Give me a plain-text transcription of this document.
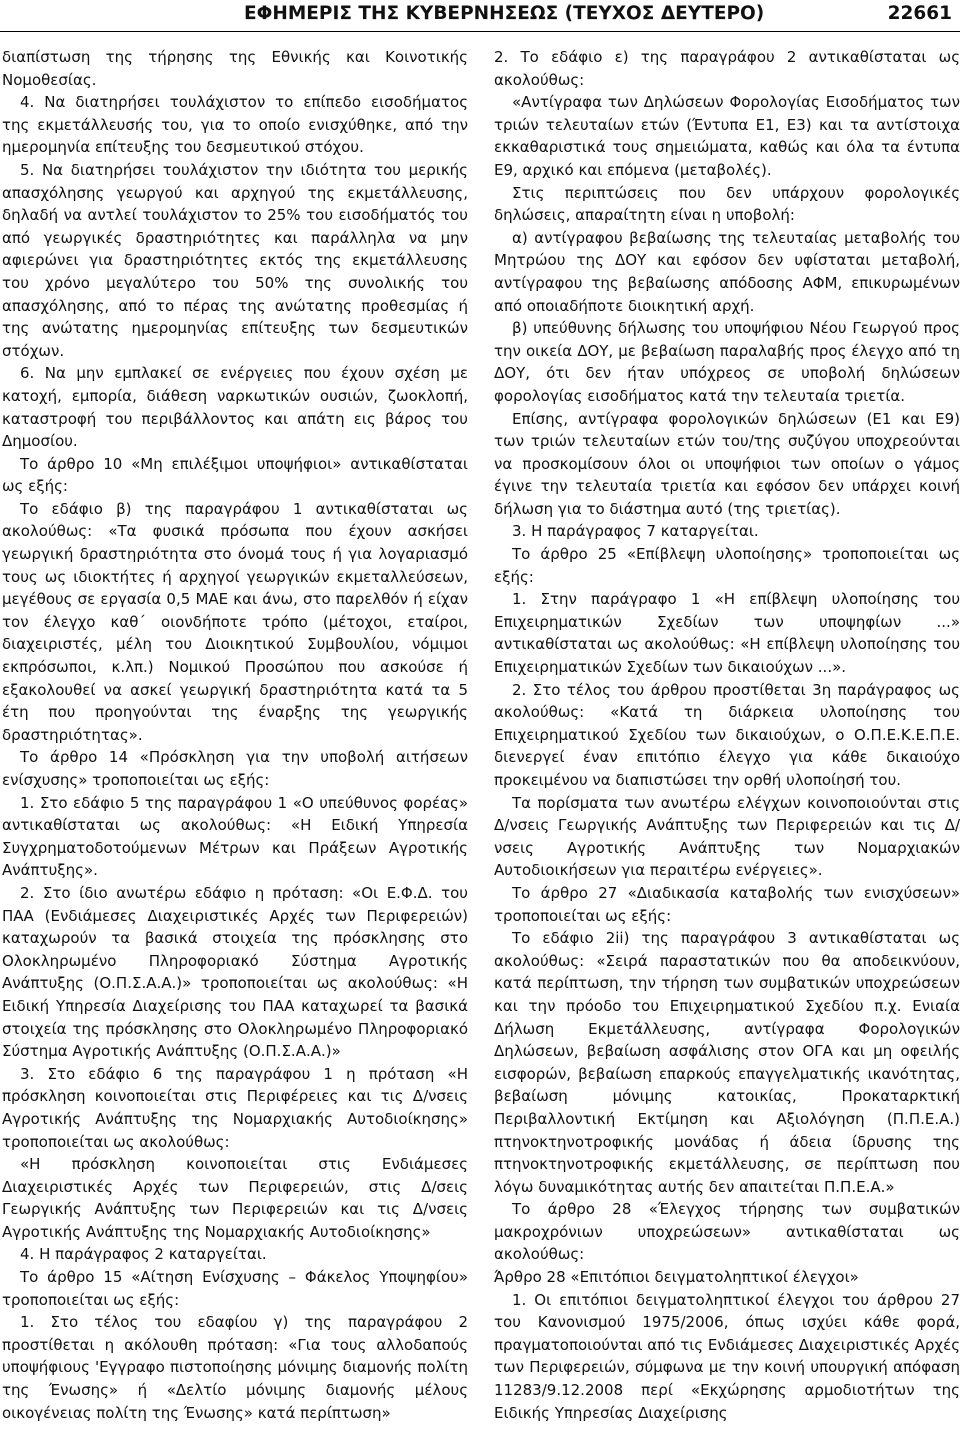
ΕΦΗΜΕΡΙΣ ΤΗΣ ΚΥΒΕΡΝΗΣΕΩΣ (ΤΕΥΧΟΣ ΔΕΥΤΕΡΟ)	22661

διαπίστωση της τήρησης της Εθνικής και Κοινοτικής Νομοθεσίας.

4. Να διατηρήσει τουλάχιστον το επίπεδο εισοδήματος της εκμετάλλευσής του, για το οποίο ενισχύθηκε, από την ημερομηνία επίτευξης του δεσμευτικού στόχου.

5. Να διατηρήσει τουλάχιστον την ιδιότητα του μερικής απασχόλησης γεωργού και αρχηγού της εκμετάλλευσης, δηλαδή να αντλεί τουλάχιστον το 25% του εισοδήματός του από γεωργικές δραστηριότητες και παράλληλα να μην αφιερώνει για δραστηριότητες εκτός της εκμετάλλευσης του χρόνο μεγαλύτερο του 50% της συνολικής του απασχόλησης, από το πέρας της ανώτατης προθεσμίας ή της ανώτατης ημερομηνίας επίτευξης των δεσμευτικών στόχων.

6. Να μην εμπλακεί σε ενέργειες που έχουν σχέση με κατοχή, εμπορία, διάθεση ναρκωτικών ουσιών, ζωοκλοπή, καταστροφή του περιβάλλοντος και απάτη εις βάρος του Δημοσίου.

Το άρθρο 10 «Μη επιλέξιμοι υποψήφιοι» αντικαθίσταται ως εξής:

Το εδάφιο β) της παραγράφου 1 αντικαθίσταται ως ακολούθως: «Τα φυσικά πρόσωπα που έχουν ασκήσει γεωργική δραστηριότητα στο όνομά τους ή για λογαριασμό τους ως ιδιοκτήτες ή αρχηγοί γεωργικών εκμεταλλεύσεων, μεγέθους σε εργασία 0,5 ΜΑΕ και άνω, στο παρελθόν ή είχαν τον έλεγχο καθ΄ οιονδήποτε τρόπο (μέτοχοι, εταίροι, διαχειριστές, μέλη του Διοικητικού Συμβουλίου, νόμιμοι εκπρόσωποι, κ.λπ.) Νομικού Προσώπου που ασκούσε ή εξακολουθεί να ασκεί γεωργική δραστηριότητα κατά τα 5 έτη που προηγούνται της έναρξης της γεωργικής δραστηριότητας».

Το άρθρο 14 «Πρόσκληση για την υποβολή αιτήσεων ενίσχυσης» τροποποιείται ως εξής:

1. Στο εδάφιο 5 της παραγράφου 1 «Ο υπεύθυνος φορέας» αντικαθίσταται ως ακολούθως: «Η Ειδική Υπηρεσία Συγχρηματοδοτούμενων Μέτρων και Πράξεων Αγροτικής Ανάπτυξης».

2. Στο ίδιο ανωτέρω εδάφιο η πρόταση: «Οι Ε.Φ.Δ. του ΠΑΑ (Ενδιάμεσες Διαχειριστικές Αρχές των Περιφερειών) καταχωρούν τα βασικά στοιχεία της πρόσκλησης στο Ολοκληρωμένο Πληροφοριακό Σύστημα Αγροτικής Ανάπτυξης (Ο.Π.Σ.Α.Α.)» τροποποιείται ως ακολούθως: «Η Ειδική Υπηρεσία Διαχείρισης του ΠΑΑ καταχωρεί τα βασικά στοιχεία της πρόσκλησης στο Ολοκληρωμένο Πληροφοριακό Σύστημα Αγροτικής Ανάπτυξης (Ο.Π.Σ.Α.Α.)»

3. Στο εδάφιο 6 της παραγράφου 1 η πρόταση «Η πρόσκληση κοινοποιείται στις Περιφέρειες και τις Δ/νσεις Αγροτικής Ανάπτυξης της Νομαρχιακής Αυτοδιοίκησης» τροποποιείται ως ακολούθως:

«Η πρόσκληση κοινοποιείται στις Ενδιάμεσες Διαχειριστικές Αρχές των Περιφερειών, στις Δ/σεις Γεωργικής Ανάπτυξης των Περιφερειών και τις Δ/νσεις Αγροτικής Ανάπτυξης της Νομαρχιακής Αυτοδιοίκησης»

4. Η παράγραφος 2 καταργείται.

Το άρθρο 15 «Αίτηση Ενίσχυσης – Φάκελος Υποψηφίου» τροποποιείται ως εξής:

1. Στο τέλος του εδαφίου γ) της παραγράφου 2 προστίθεται η ακόλουθη πρόταση: «Για τους αλλοδαπούς υποψήφιους 'Εγγραφο πιστοποίησης μόνιμης διαμονής πολίτη της Ένωσης» ή «Δελτίο μόνιμης διαμονής μέλους οικογένειας πολίτη της Ένωσης» κατά περίπτωση»

2. Το εδάφιο ε) της παραγράφου 2 αντικαθίσταται ως ακολούθως:

«Αντίγραφα των Δηλώσεων Φορολογίας Εισοδήματος των τριών τελευταίων ετών (Έντυπα Ε1, Ε3) και τα αντίστοιχα εκκαθαριστικά τους σημειώματα, καθώς και όλα τα έντυπα Ε9, αρχικό και επόμενα (μεταβολές).

Στις περιπτώσεις που δεν υπάρχουν φορολογικές δηλώσεις, απαραίτητη είναι η υποβολή:

α) αντίγραφου βεβαίωσης της τελευταίας μεταβολής του Μητρώου της ΔΟΥ και εφόσον δεν υφίσταται μεταβολή, αντίγραφου της βεβαίωσης απόδοσης ΑΦΜ, επικυρωμένων από οποιαδήποτε διοικητική αρχή.

β) υπεύθυνης δήλωσης του υποψήφιου Νέου Γεωργού προς την οικεία ΔΟΥ, με βεβαίωση παραλαβής προς έλεγχο από τη ΔΟΥ, ότι δεν ήταν υπόχρεος σε υποβολή δηλώσεων φορολογίας εισοδήματος κατά την τελευταία τριετία.

Επίσης, αντίγραφα φορολογικών δηλώσεων (Ε1 και Ε9) των τριών τελευταίων ετών του/της συζύγου υποχρεούνται να προσκομίσουν όλοι οι υποψήφιοι των οποίων ο γάμος έγινε την τελευταία τριετία και εφόσον δεν υπάρχει κοινή δήλωση για το διάστημα αυτό (της τριετίας).

3. Η παράγραφος 7 καταργείται.

Το άρθρο 25 «Επίβλεψη υλοποίησης» τροποποιείται ως εξής:

1. Στην παράγραφο 1 «Η επίβλεψη υλοποίησης του Επιχειρηματικών Σχεδίων των υποψηφίων ...» αντικαθίσταται ως ακολούθως: «Η επίβλεψη υλοποίησης του Επιχειρηματικών Σχεδίων των δικαιούχων ...».

2. Στο τέλος του άρθρου προστίθεται 3η παράγραφος ως ακολούθως: «Κατά τη διάρκεια υλοποίησης του Επιχειρηματικού Σχεδίου των δικαιούχων, ο Ο.Π.Ε.Κ.Ε.Π.Ε. διενεργεί έναν επιτόπιο έλεγχο για κάθε δικαιούχο προκειμένου να διαπιστώσει την ορθή υλοποίησή του.

Τα πορίσματα των ανωτέρω ελέγχων κοινοποιούνται στις Δ/νσεις Γεωργικής Ανάπτυξης των Περιφερειών και τις Δ/νσεις Αγροτικής Ανάπτυξης των Νομαρχιακών Αυτοδιοικήσεων για περαιτέρω ενέργειες».

Το άρθρο 27 «Διαδικασία καταβολής των ενισχύσεων» τροποποιείται ως εξής:

Το εδάφιο 2ii) της παραγράφου 3 αντικαθίσταται ως ακολούθως: «Σειρά παραστατικών που θα αποδεικνύουν, κατά περίπτωση, την τήρηση των συμβατικών υποχρεώσεων και την πρόοδο του Επιχειρηματικού Σχεδίου π.χ. Ενιαία Δήλωση Εκμετάλλευσης, αντίγραφα Φορολογικών Δηλώσεων, βεβαίωση ασφάλισης στον ΟΓΑ και μη οφειλής εισφορών, βεβαίωση επαρκούς επαγγελματικής ικανότητας, βεβαίωση μόνιμης κατοικίας, Προκαταρκτική Περιβαλλοντική Εκτίμηση και Αξιολόγηση (Π.Π.Ε.Α.) πτηνοκτηνοτροφικής μονάδας ή άδεια ίδρυσης της πτηνοκτηνοτροφικής εκμετάλλευσης, σε περίπτωση που λόγω δυναμικότητας αυτής δεν απαιτείται Π.Π.Ε.Α.»

Το άρθρο 28 «Έλεγχος τήρησης των συμβατικών μακροχρόνιων υποχρεώσεων» αντικαθίσταται ως ακολούθως:

Άρθρο 28 «Επιτόπιοι δειγματοληπτικοί έλεγχοι»

1. Οι επιτόπιοι δειγματοληπτικοί έλεγχοι του άρθρου 27 του Κανονισμού 1975/2006, όπως ισχύει κάθε φορά, πραγματοποιούνται από τις Ενδιάμεσες Διαχειριστικές Αρχές των Περιφερειών, σύμφωνα με την κοινή υπουργική απόφαση 11283/9.12.2008 περί «Εκχώρησης αρμοδιοτήτων της Ειδικής Υπηρεσίας Διαχείρισης
